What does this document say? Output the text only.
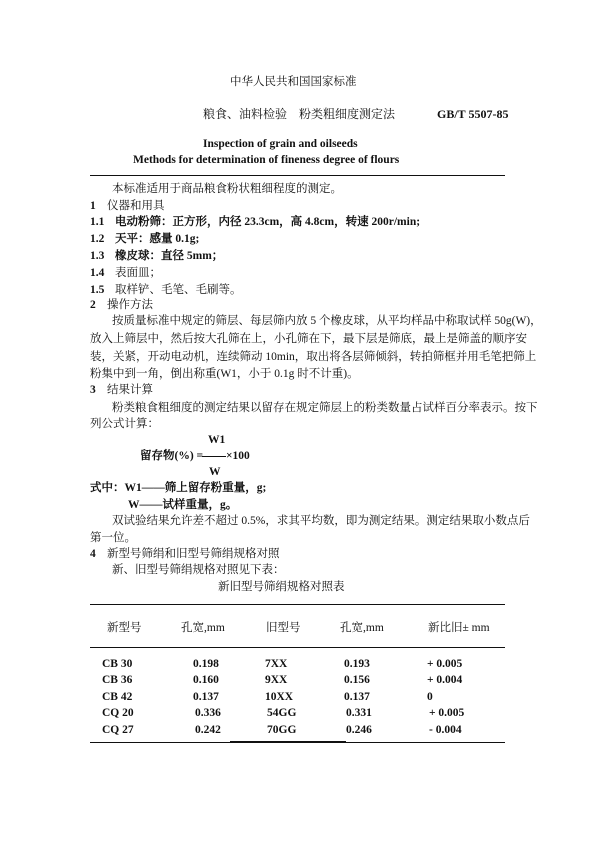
中华人民共和国国家标准
粮食、油料检验　粉类粗细度测定法	GB/T 5507-85
Inspection of grain and oilseeds
Methods for determination of fineness degree of flours
本标准适用于商品粮食粉状粗细程度的测定。
1 仪器和用具
1.1 电动粉筛：正方形，内径 23.3cm，高 4.8cm，转速 200r/min;
1.2 天平：感量 0.1g;
1.3 橡皮球：直径 5mm；
1.4 表面皿；
1.5 取样铲、毛笔、毛刷等。
2 操作方法
按质量标准中规定的筛层、每层筛内放 5 个橡皮球，从平均样品中称取试样 50g(W)，
放入上筛层中，然后按大孔筛在上，小孔筛在下，最下层是筛底，最上是筛盖的顺序安
装，关紧，开动电动机，连续筛动 10min，取出将各层筛倾斜，转拍筛框并用毛笔把筛上
粉集中到一角，倒出称重(W1，小于 0.1g 时不计重)。
3 结果计算
粉类粮食粗细度的测定结果以留存在规定筛层上的粉类数量占试样百分率表示。按下
列公式计算：
W1
留存物(%) = ×100
W
式中：W1——筛上留存粉重量，g;
W——试样重量，g。
双试验结果允许差不超过 0.5%，求其平均数，即为测定结果。测定结果取小数点后
第一位。
4 新型号筛绢和旧型号筛绢规格对照
新、旧型号筛绢规格对照见下表：
新旧型号筛绢规格对照表
新型号	孔宽,mm	旧型号	孔宽,mm	新比旧± mm
CB 30	0.198	7XX	0.193	+ 0.005
CB 36	0.160	9XX	0.156	+ 0.004
CB 42	0.137	10XX	0.137	0
CQ 20	0.336	54GG	0.331	+ 0.005
CQ 27	0.242	70GG	0.246	- 0.004
